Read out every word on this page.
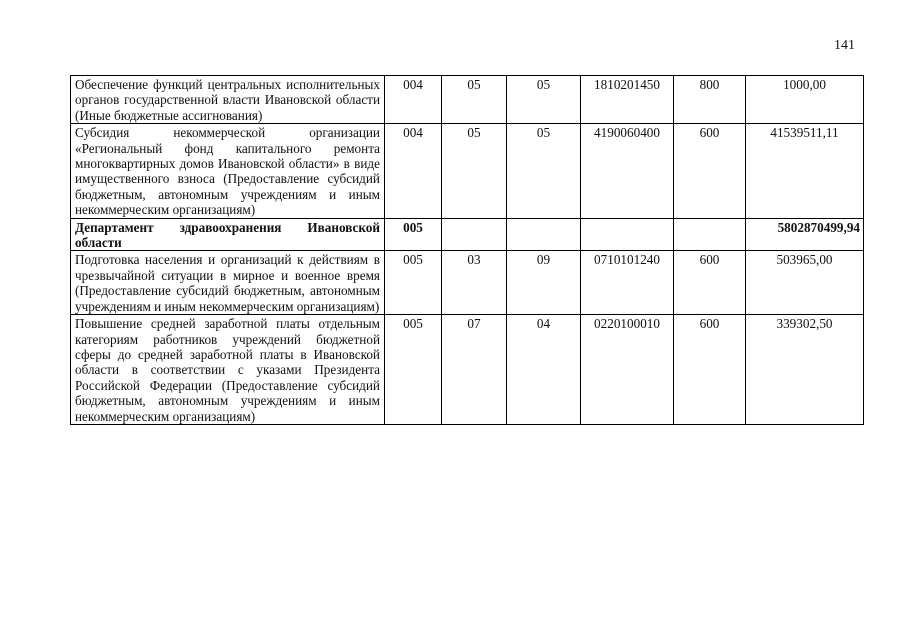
141
Обеспечение функций центральных исполнительных органов государственной власти Ивановской области (Иные бюджетные ассигнования)	004	05	05	1810201450	800	1000,00
Субсидия некоммерческой организации «Региональный фонд капитального ремонта многоквартирных домов Ивановской области» в виде имущественного взноса (Предоставление субсидий бюджетным, автономным учреждениям и иным некоммерческим организациям)	004	05	05	4190060400	600	41539511,11
Департамент здравоохранения Ивановской области	005					5802870499,94
Подготовка населения и организаций к действиям в чрезвычайной ситуации в мирное и военное время (Предоставление субсидий бюджетным, автономным учреждениям и иным некоммерческим организациям)	005	03	09	0710101240	600	503965,00
Повышение средней заработной платы отдельным категориям работников учреждений бюджетной сферы до средней заработной платы в Ивановской области в соответствии с указами Президента Российской Федерации (Предоставление субсидий бюджетным, автономным учреждениям и иным некоммерческим организациям)	005	07	04	0220100010	600	339302,50
